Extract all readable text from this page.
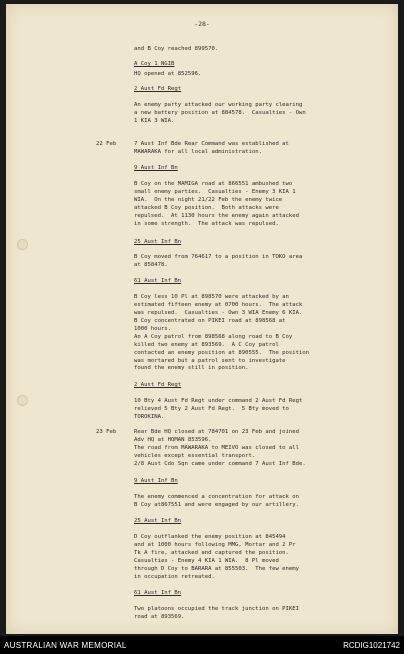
-28-
and B Coy reached 899570.
A Coy 1 NGIB
HQ opened at 852596.
2 Aust Fd Regt
An enemy party attacked our working party clearing
a new battery position at 884578.  Casualties - Own
1 KIA 3 WIA.
22 Feb	7 Aust Inf Bde Rear Command was established at
MAWARAKA for all local administration.
9 Aust Inf Bn
B Coy on the MAMIGA road at 866551 ambushed two
small enemy parties.  Casualties - Enemy 3 KIA 1
WIA.  On the night 21/22 Feb the enemy twice
attacked B Coy position.  Both attacks were
repulsed.  At 1130 hours the enemy again attacked
in some strength.  The attack was repulsed.
25 Aust Inf Bn
B Coy moved from 764617 to a position in TOKO area
at 858478.
61 Aust Inf Bn
B Coy less 10 Pl at 898570 were attacked by an
estimated fifteen enemy at 0700 hours.  The attack
was repulsed.  Casualties - Own 3 WIA Enemy 6 KIA.
B Coy concentrated on PIKEI road at 898568 at
1000 hours.
An A Coy patrol from 898568 along road to B Coy
killed two enemy at 893569.  A C Coy patrol
contacted an enemy position at 890555.  The position
was mortared but a patrol sent to investigate
found the enemy still in position.
2 Aust Fd Regt
10 Bty 4 Aust Fd Regt under command 2 Aust Fd Regt
relieved 5 Bty 2 Aust Fd Regt.  5 Bty moved to
TOROKINA.
23 Feb	Rear Bde HQ closed at 784701 on 23 Feb and joined
Adv HQ at HOMAN 853596.
The road from MAWARAKA to MEIVO was closed to all
vehicles except essential transport.
2/8 Aust Cdo Sqn came under command 7 Aust Inf Bde.
9 Aust Inf Bn
The enemy commenced a concentration for attack on
B Coy at867551 and were engaged by our artillery.
25 Aust Inf Bn
D Coy outflanked the enemy position at 845494
and at 1000 hours following MMG, Mortar and 2 Pr
Tk A fire, attacked and captured the position.
Casualties - Enemy 4 KIA 1 WIA.  8 Pl moved
through D Coy to BARARA at 855503.  The few enemy
in occupation retreated.
61 Aust Inf Bn
Two platoons occupied the track junction on PIKEI
road at 893569.
AUSTRALIAN WAR MEMORIAL	RCDIG1021742
